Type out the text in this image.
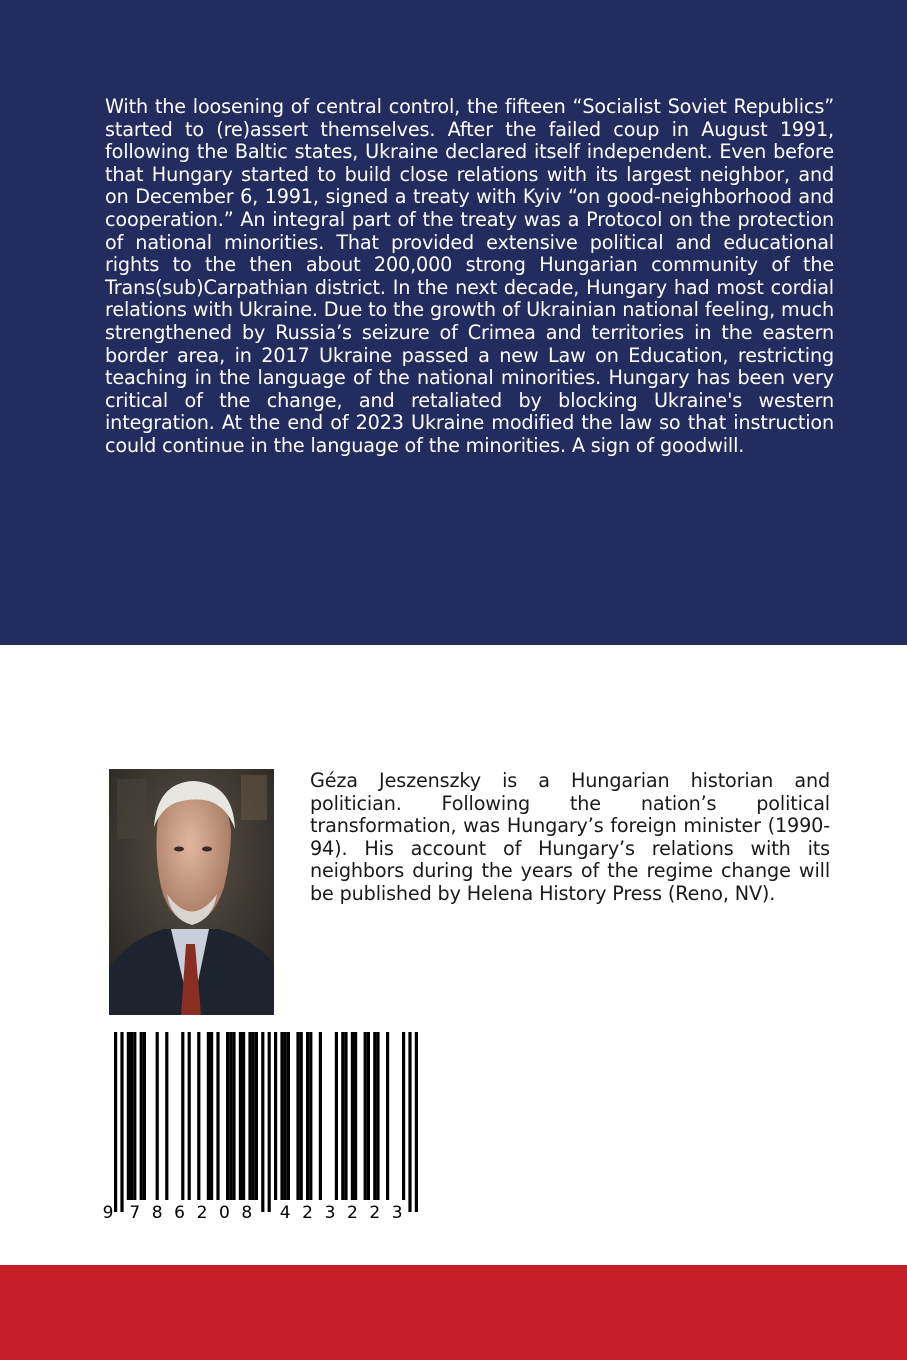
With the loosening of central control, the fifteen “Socialist Soviet Republics” started to (re)assert themselves. After the failed coup in August 1991, following the Baltic states, Ukraine declared itself independent. Even before that Hungary started to build close relations with its largest neighbor, and on December 6, 1991, signed a treaty with Kyiv “on good-neighborhood and cooperation.” An integral part of the treaty was a Protocol on the protection of national minorities. That provided extensive political and educational rights to the then about 200,000 strong Hungarian community of the Trans(sub)Carpathian district. In the next decade, Hungary had most cordial relations with Ukraine. Due to the growth of Ukrainian national feeling, much strengthened by Russia’s seizure of Crimea and territories in the eastern border area, in 2017 Ukraine passed a new Law on Education, restricting teaching in the language of the national minorities. Hungary has been very critical of the change, and retaliated by blocking Ukraine's western integration. At the end of 2023 Ukraine modified the law so that instruction could continue in the language of the minorities. A sign of goodwill.

Géza Jeszenszky is a Hungarian historian and politician. Following the nation’s political transformation, was Hungary’s foreign minister (1990-94). His account of Hungary’s relations with its neighbors during the years of the regime change will be published by Helena History Press (Reno, NV).

9 7 8 6 2 0 8 4 2 3 2 2 3
